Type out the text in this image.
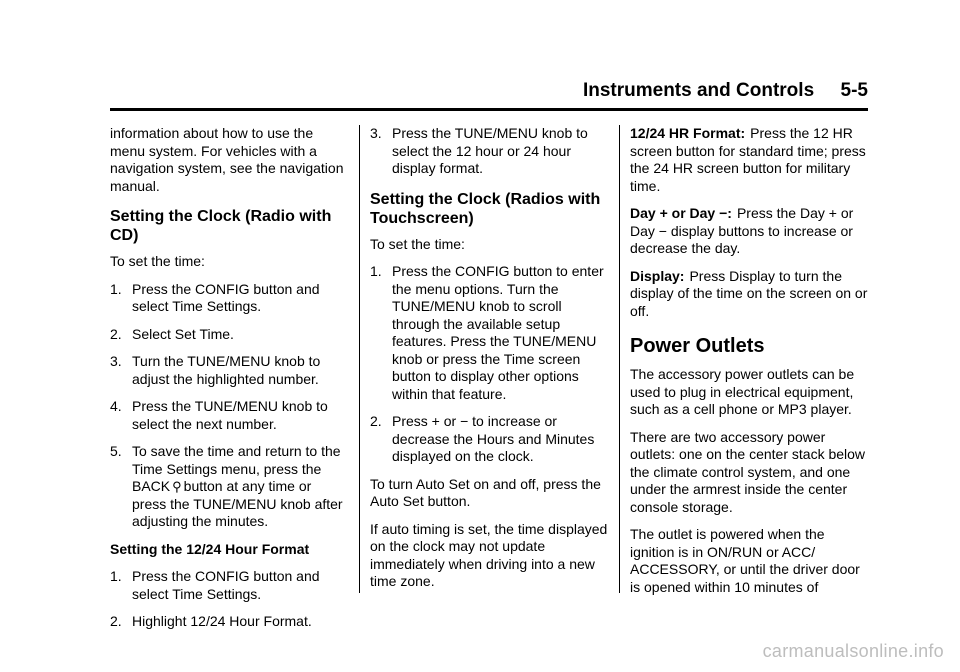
Instruments and Controls     5-5

information about how to use the menu system. For vehicles with a navigation system, see the navigation manual.

Setting the Clock (Radio with CD)

To set the time:

1. Press the CONFIG button and select Time Settings.
2. Select Set Time.
3. Turn the TUNE/MENU knob to adjust the highlighted number.
4. Press the TUNE/MENU knob to select the next number.
5. To save the time and return to the Time Settings menu, press the BACK ⚲ button at any time or press the TUNE/MENU knob after adjusting the minutes.

Setting the 12/24 Hour Format

1. Press the CONFIG button and select Time Settings.
2. Highlight 12/24 Hour Format.
3. Press the TUNE/MENU knob to select the 12 hour or 24 hour display format.
Setting the Clock (Radios with Touchscreen)

To set the time:

1. Press the CONFIG button to enter the menu options. Turn the TUNE/MENU knob to scroll through the available setup features. Press the TUNE/MENU knob or press the Time screen button to display other options within that feature.
2. Press + or − to increase or decrease the Hours and Minutes displayed on the clock.

To turn Auto Set on and off, press the Auto Set button.

If auto timing is set, the time displayed on the clock may not update immediately when driving into a new time zone.

12/24 HR Format: Press the 12 HR screen button for standard time; press the 24 HR screen button for military time.

Day + or Day −: Press the Day + or Day − display buttons to increase or decrease the day.

Display: Press Display to turn the display of the time on the screen on or off.

Power Outlets

The accessory power outlets can be used to plug in electrical equipment, such as a cell phone or MP3 player.

There are two accessory power outlets: one on the center stack below the climate control system, and one under the armrest inside the center console storage.

The outlet is powered when the ignition is in ON/RUN or ACC/ ACCESSORY, or until the driver door is opened within 10 minutes of

carmanualsonline.info
